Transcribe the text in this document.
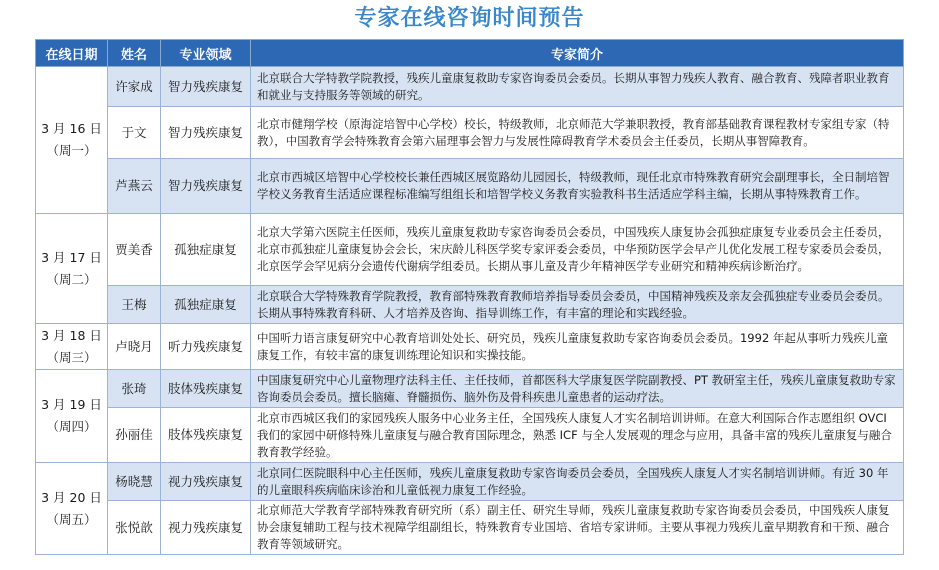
专家在线咨询时间预告
在线日期	姓名	专业领域	专家简介

3 月 16 日
（周一）	许家成	智力残疾康复	北京联合大学特教学院教授，残疾儿童康复救助专家咨询委员会委员。长期从事智力残疾人教育、融合教育、残障者职业教育和就业与支持服务等领域的研究。
	于文	智力残疾康复	北京市健翔学校（原海淀培智中心学校）校长，特级教师，北京师范大学兼职教授，教育部基础教育课程教材专家组专家（特教），中国教育学会特殊教育会第六届理事会智力与发展性障碍教育学术委员会主任委员，长期从事智障教育。
	芦燕云	智力残疾康复	北京市西城区培智中心学校校长兼任西城区展览路幼儿园园长，特级教师，现任北京市特殊教育研究会副理事长，全日制培智学校义务教育生活适应课程标准编写组组长和培智学校义务教育实验教科书生活适应学科主编，长期从事特殊教育工作。

3 月 17 日
（周二）	贾美香	孤独症康复	北京大学第六医院主任医师，残疾儿童康复救助专家咨询委员会委员，中国残疾人康复协会孤独症康复专业委员会主任委员，北京市孤独症儿童康复协会会长，宋庆龄儿科医学奖专家评委会委员，中华预防医学会早产儿优化发展工程专家委员会委员，北京医学会罕见病分会遗传代谢病学组委员。长期从事儿童及青少年精神医学专业研究和精神疾病诊断治疗。
	王梅	孤独症康复	北京联合大学特殊教育学院教授，教育部特殊教育教师培养指导委员会委员，中国精神残疾及亲友会孤独症专业委员会委员。长期从事特殊教育科研、人才培养及咨询、指导训练工作，有丰富的理论和实践经验。

3 月 18 日
（周三）	卢晓月	听力残疾康复	中国听力语言康复研究中心教育培训处处长、研究员，残疾儿童康复救助专家咨询委员会委员。1992 年起从事听力残疾儿童康复工作，有较丰富的康复训练理论知识和实操技能。

3 月 19 日
（周四）	张琦	肢体残疾康复	中国康复研究中心儿童物理疗法科主任、主任技师，首都医科大学康复医学院副教授、PT 教研室主任，残疾儿童康复救助专家咨询委员会委员。擅长脑瘫、脊髓损伤、脑外伤及骨科疾患儿童患者的运动疗法。
	孙丽佳	肢体残疾康复	北京市西城区我们的家园残疾人服务中心业务主任，全国残疾人康复人才实名制培训讲师。在意大利国际合作志愿组织 OVCI 我们的家园中研修特殊儿童康复与融合教育国际理念，熟悉 ICF 与全人发展观的理念与应用，具备丰富的残疾儿童康复与融合教育教学经验。

3 月 20 日
（周五）	杨晓慧	视力残疾康复	北京同仁医院眼科中心主任医师，残疾儿童康复救助专家咨询委员会委员，全国残疾人康复人才实名制培训讲师。有近 30 年的儿童眼科疾病临床诊治和儿童低视力康复工作经验。
	张悦歆	视力残疾康复	北京师范大学教育学部特殊教育研究所（系）副主任、研究生导师，残疾儿童康复救助专家咨询委员会委员，中国残疾人康复协会康复辅助工程与技术视障学组副组长，特殊教育专业国培、省培专家讲师。主要从事视力残疾儿童早期教育和干预、融合教育等领域研究。
